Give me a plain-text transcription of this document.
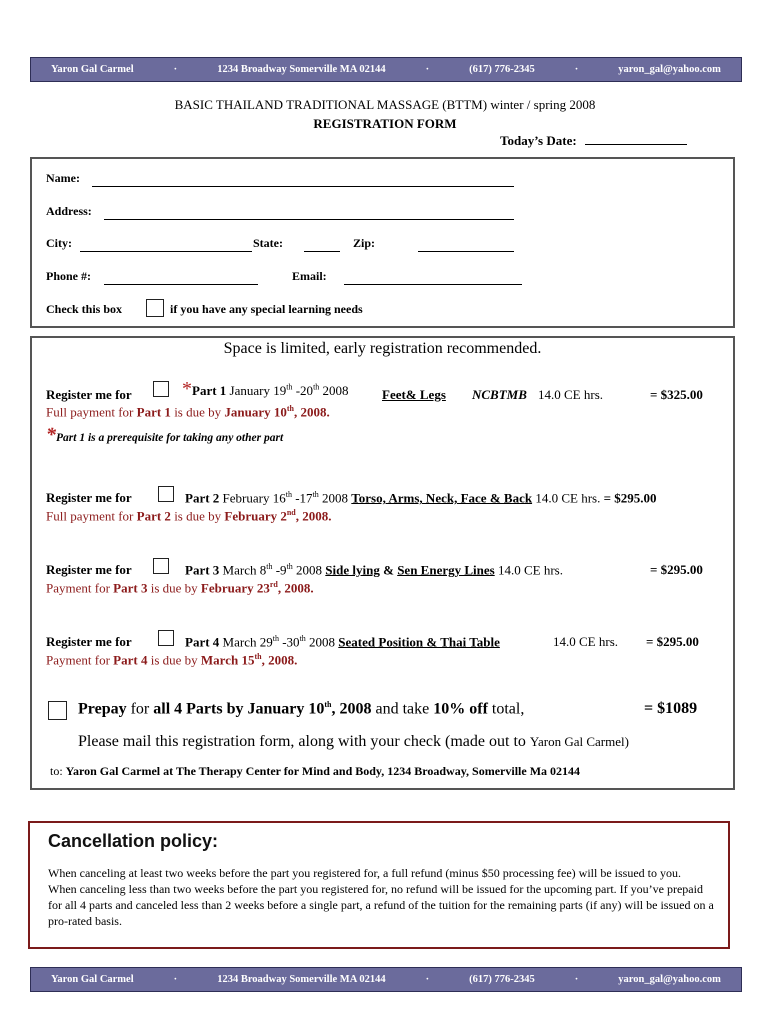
Yaron Gal Carmel	·	1234 Broadway Somerville MA 02144	·	(617) 776-2345	·	yaron_gal@yahoo.com
BASIC THAILAND TRADITIONAL MASSAGE (BTTM) winter / spring 2008
REGISTRATION FORM
Today’s Date:
Name:
Address:
City:	State:	Zip:
Phone #:	Email:
Check this box	if you have any special learning needs
Space is limited, early registration recommended.
Register me for	*Part 1 January 19th -20th 2008	Feet& Legs NCBTMB 14.0 CE hrs.	= $325.00
Full payment for Part 1 is due by January 10th, 2008.
*Part 1 is a prerequisite for taking any other part
Register me for	Part 2 February 16th -17th 2008 Torso, Arms, Neck, Face & Back 14.0 CE hrs. = $295.00
Full payment for Part 2 is due by February 2nd, 2008.
Register me for	Part 3 March 8th -9th 2008 Side lying & Sen Energy Lines 14.0 CE hrs.	= $295.00
Payment for Part 3 is due by February 23rd, 2008.
Register me for	Part 4 March 29th -30th 2008 Seated Position & Thai Table	14.0 CE hrs. = $295.00
Payment for Part 4 is due by March 15th, 2008.
Prepay for all 4 Parts by January 10th, 2008 and take 10% off total,	= $1089
Please mail this registration form, along with your check (made out to Yaron Gal Carmel)
to: Yaron Gal Carmel at The Therapy Center for Mind and Body, 1234 Broadway, Somerville Ma 02144
Cancellation policy:
When canceling at least two weeks before the part you registered for, a full refund (minus $50 processing fee) will be issued to you.
When canceling less than two weeks before the part you registered for, no refund will be issued for the upcoming part. If you’ve prepaid for all 4 parts and canceled less than 2 weeks before a single part, a refund of the tuition for the remaining parts (if any) will be issued on a pro-rated basis.
Yaron Gal Carmel	·	1234 Broadway Somerville MA 02144	·	(617) 776-2345	·	yaron_gal@yahoo.com
